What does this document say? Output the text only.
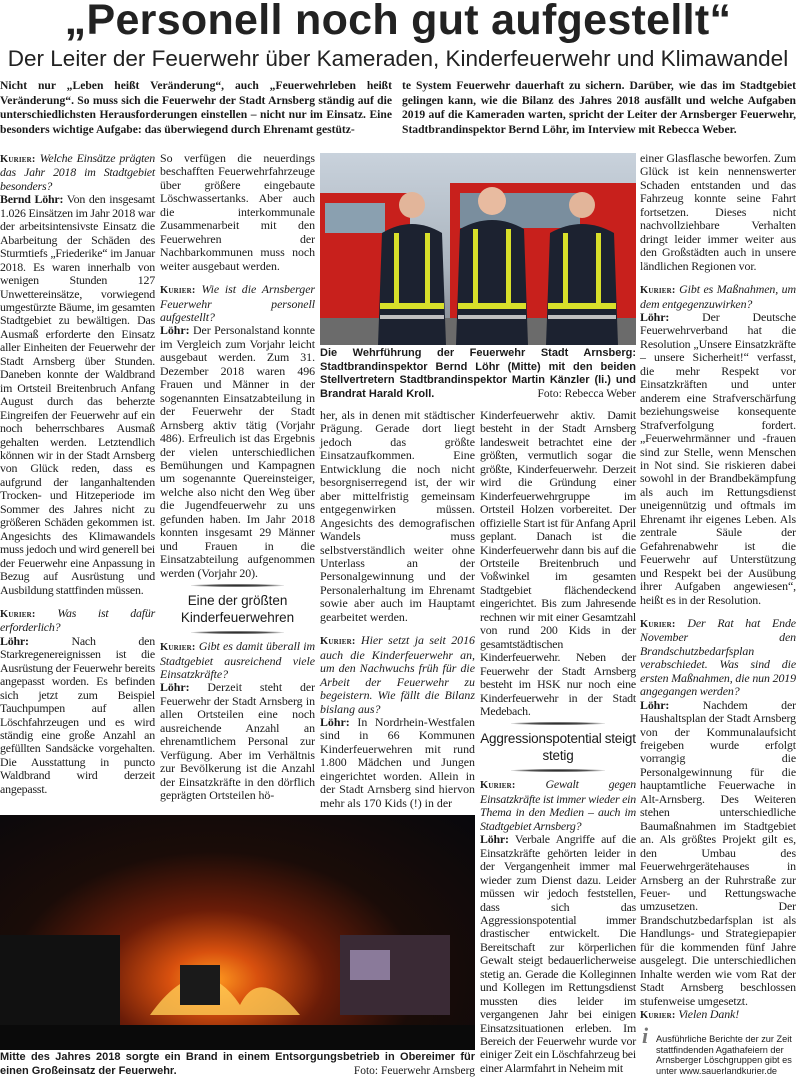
„Personell noch gut aufgestellt“
Der Leiter der Feuerwehr über Kameraden, Kinderfeuerwehr und Klimawandel
Nicht nur „Leben heißt Veränderung“, auch „Feuerwehrleben heißt Veränderung“. So muss sich die Feuerwehr der Stadt Arnsberg ständig auf die unterschiedlichsten Herausforderungen einstellen – nicht nur im Einsatz. Eine besonders wichtige Aufgabe: das überwiegend durch Ehrenamt gestütz-
te System Feuerwehr dauerhaft zu sichern. Darüber, wie das im Stadtgebiet gelingen kann, wie die Bilanz des Jahres 2018 ausfällt und welche Aufgaben 2019 auf die Kameraden warten, spricht der Leiter der Arnsberger Feuerwehr, Stadtbrandinspektor Bernd Löhr, im Interview mit Rebecca Weber.

Kurier: Welche Einsätze prägten das Jahr 2018 im Stadtgebiet besonders?

Bernd Löhr: Von den insgesamt 1.026 Einsätzen im Jahr 2018 war der arbeitsintensivste Einsatz die Abarbeitung der Schäden des Sturmtiefs „Friederike“ im Januar 2018. Es waren innerhalb von wenigen Stunden 127 Unwettereinsätze, vorwiegend umgestürzte Bäume, im gesamten Stadtgebiet zu bewältigen. Das Ausmaß erforderte den Einsatz aller Einheiten der Feuerwehr der Stadt Arnsberg über Stunden. Daneben konnte der Waldbrand im Ortsteil Breitenbruch Anfang August durch das beherzte Eingreifen der Feuerwehr auf ein noch beherrschbares Ausmaß gehalten werden. Letztendlich können wir in der Stadt Arnsberg von Glück reden, dass es aufgrund der langanhaltenden Trocken- und Hitzeperiode im Sommer des Jahres nicht zu größeren Schäden gekommen ist. Angesichts des Klimawandels muss jedoch und wird generell bei der Feuerwehr eine Anpassung in Bezug auf Ausrüstung und Ausbildung stattfinden müssen.

Kurier: Was ist dafür erforderlich?

Löhr:	Nach den Starkregenereignissen ist die Ausrüstung der Feuerwehr bereits angepasst worden. Es befinden sich jetzt zum Beispiel Tauchpumpen auf allen Löschfahrzeugen und es wird ständig eine große Anzahl an gefüllten Sandsäcke vorgehalten. Die Ausstattung in puncto Waldbrand wird derzeit angepasst.

So verfügen die neuerdings beschafften Feuerwehrfahrzeuge über größere eingebaute Löschwassertanks. Aber auch die interkommunale Zusammenarbeit mit den Feuerwehren der Nachbarkommunen muss noch weiter ausgebaut werden.

Kurier: Wie ist die Arnsberger Feuerwehr personell aufgestellt?

Löhr: Der Personalstand konnte im Vergleich zum Vorjahr leicht ausgebaut werden. Zum 31. Dezember 2018 waren 496 Frauen und Männer in der sogenannten Einsatzabteilung in der Feuerwehr der Stadt Arnsberg aktiv tätig (Vorjahr 486). Erfreulich ist das Ergebnis der vielen unterschiedlichen Bemühungen und Kampagnen um sogenannte Quereinsteiger, welche also nicht den Weg über die Jugendfeuerwehr zu uns gefunden haben. Im Jahr 2018 konnten insgesamt 29 Männer und Frauen in die Einsatzabteilung aufgenommen werden (Vorjahr 20).

Eine der größten Kinderfeuerwehren

Kurier: Gibt es damit überall im Stadtgebiet ausreichend viele Einsatzkräfte?

Löhr: Derzeit steht der Feuerwehr der Stadt Arnsberg in allen Ortsteilen eine noch ausreichende Anzahl an ehrenamtlichem Personal zur Verfügung. Aber im Verhältnis zur Bevölkerung ist die Anzahl der Einsatzkräfte in den dörflich geprägten Ortsteilen hö-

her, als in denen mit städtischer Prägung. Gerade dort liegt jedoch das größte Einsatzaufkommen. Eine Entwicklung die noch nicht besorgniserregend ist, der wir aber mittelfristig gemeinsam entgegenwirken müssen. Angesichts des demografischen Wandels muss selbstverständlich weiter ohne Unterlass an der Personalgewinnung und der Personalerhaltung im Ehrenamt sowie aber auch im Hauptamt gearbeitet werden.

Kurier: Hier setzt ja seit 2016 auch die Kinderfeuerwehr an, um den Nachwuchs früh für die Arbeit der Feuerwehr zu begeistern. Wie fällt die Bilanz bislang aus?

Löhr: In Nordrhein-Westfalen sind in 66 Kommunen Kinderfeuerwehren mit rund 1.800 Mädchen und Jungen eingerichtet worden. Allein in der Stadt Arnsberg sind hiervon mehr als 170 Kids (!) in der

Kinderfeuerwehr aktiv. Damit besteht in der Stadt Arnsberg landesweit betrachtet eine der größten, vermutlich sogar die größte, Kinderfeuerwehr. Derzeit wird die Gründung einer Kinderfeuerwehrgruppe im Ortsteil Holzen vorbereitet. Der offizielle Start ist für Anfang April geplant. Danach ist die Kinderfeuerwehr dann bis auf die Ortsteile Breitenbruch und Voßwinkel im gesamten Stadtgebiet flächendeckend eingerichtet. Bis zum Jahresende rechnen wir mit einer Gesamtzahl von rund 200 Kids in der gesamtstädtischen Kinderfeuerwehr. Neben der Feuerwehr der Stadt Arnsberg besteht im HSK nur noch eine Kinderfeuerwehr in der Stadt Medebach.

Aggressionspotential steigt stetig

Kurier:	Gewalt gegen Einsatzkräfte ist immer wieder ein Thema in den Medien – auch im Stadtgebiet Arnsberg?

Löhr: Verbale Angriffe auf die Einsatzkräfte gehörten leider in der Vergangenheit immer mal wieder zum Dienst dazu. Leider müssen wir jedoch feststellen, dass sich das Aggressionspotential immer drastischer entwickelt. Die Bereitschaft zur körperlichen Gewalt steigt bedauerlicherweise stetig an. Gerade die Kolleginnen und Kollegen im Rettungsdienst mussten dies leider im vergangenen Jahr bei einigen Einsatzsituationen erleben. Im Bereich der Feuerwehr wurde vor einiger Zeit ein Löschfahrzeug bei einer Alarmfahrt in Neheim mit

einer Glasflasche beworfen. Zum Glück ist kein nennenswerter Schaden entstanden und das Fahrzeug konnte seine Fahrt fortsetzen. Dieses nicht nachvollziehbare Verhalten dringt leider immer weiter aus den Großstädten auch in unsere ländlichen Regionen vor.

Kurier: Gibt es Maßnahmen, um dem entgegenzuwirken?

Löhr:	Der Deutsche Feuerwehrverband hat die Resolution „Unsere Einsatzkräfte – unsere Sicherheit!“ verfasst, die mehr Respekt vor Einsatzkräften und unter anderem eine Strafverschärfung beziehungsweise konsequente Strafverfolgung fordert. „Feuerwehrmänner und -frauen sind zur Stelle, wenn Menschen in Not sind. Sie riskieren dabei sowohl in der Brandbekämpfung als auch im Rettungsdienst uneigennützig und oftmals im Ehrenamt ihr eigenes Leben. Als zentrale Säule der Gefahrenabwehr ist die Feuerwehr auf Unterstützung und Respekt bei der Ausübung ihrer Aufgaben angewiesen“, heißt es in der Resolution.

Kurier: Der Rat hat Ende November den Brandschutzbedarfsplan verabschiedet. Was sind die ersten Maßnahmen, die nun 2019 angegangen werden?

Löhr:	Nachdem der Haushaltsplan der Stadt Arnsberg von der Kommunalaufsicht freigeben wurde erfolgt vorrangig die Personalgewinnung für die hauptamtliche Feuerwache in Alt-Arnsberg. Des Weiteren stehen unterschiedliche Baumaßnahmen im Stadtgebiet an. Als größtes Projekt gilt es, den Umbau des Feuerwehrgerätehauses in Arnsberg an der Ruhrstraße zur Feuer- und Rettungswache umzusetzen. Der Brandschutzbedarfsplan ist als Handlungs- und Strategiepapier für die kommenden fünf Jahre ausgelegt. Die unterschiedlichen Inhalte werden wie vom Rat der Stadt Arnsberg beschlossen stufenweise umgesetzt.

Kurier: Vielen Dank!

Die Wehrführung der Feuerwehr Stadt Arnsberg: Stadtbrandinspektor Bernd Löhr (Mitte) mit den beiden Stellvertretern Stadtbrandinspektor Martin Känzler (li.) und Brandrat Harald Kroll.	Foto: Rebecca Weber
Mitte des Jahres 2018 sorgte ein Brand in einem Entsorgungsbetrieb in Obereimer für einen Großeinsatz der Feuerwehr.	Foto: Feuerwehr Arnsberg
i Ausführliche Berichte der zur Zeit stattfindenden Agathafeiern der Arnsberger Löschgruppen gibt es unter www.sauerlandkurier.de
